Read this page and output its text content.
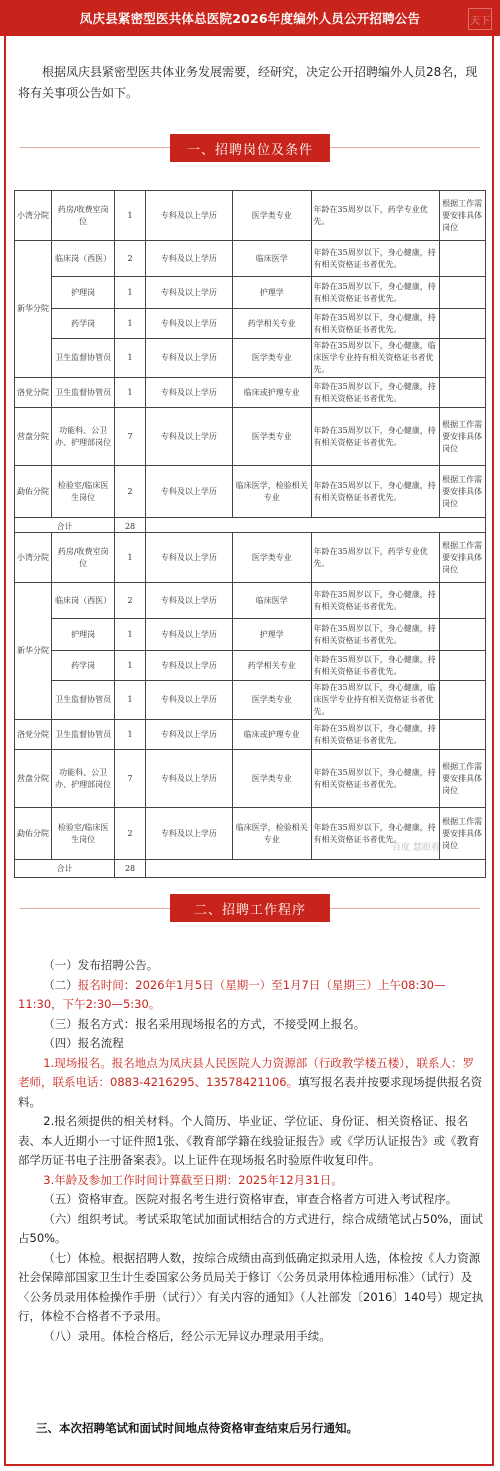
凤庆县紧密型医共体总医院2026年度编外人员公开招聘公告	天下
根据凤庆县紧密型医共体业务发展需要，经研究，决定公开招聘编外人员28名，现将有关事项公告如下。
一、招聘岗位及条件
小湾分院	药房/收费室岗位	1	专科及以上学历	医学类专业	年龄在35周岁以下，药学专业优先。	根据工作需要安排具体岗位
新华分院	临床岗（西医）	2	专科及以上学历	临床医学	年龄在35周岁以下，身心健康，持有相关资格证书者优先。	
	护理岗	1	专科及以上学历	护理学	年龄在35周岁以下，身心健康，持有相关资格证书者优先。	
	药学岗	1	专科及以上学历	药学相关专业	年龄在35周岁以下，身心健康，持有相关资格证书者优先。	
	卫生监督协管员	1	专科及以上学历	医学类专业	年龄在35周岁以下，身心健康，临床医学专业持有相关资格证书者优先。	
洛党分院	卫生监督协管员	1	专科及以上学历	临床或护理专业	年龄在35周岁以下，身心健康，持有相关资格证书者优先。	
营盘分院	功能科、公卫办、护理部岗位	7	专科及以上学历	医学类专业	年龄在35周岁以下，身心健康，持有相关资格证书者优先。	根据工作需要安排具体岗位
勐佑分院	检验室/临床医生岗位	2	专科及以上学历	临床医学，检验相关专业	年龄在35周岁以下，身心健康，持有相关资格证书者优先。	根据工作需要安排具体岗位
合计		28				
小湾分院	药房/收费室岗位	1	专科及以上学历	医学类专业	年龄在35周岁以下，药学专业优先。	根据工作需要安排具体岗位
新华分院	临床岗（西医）	2	专科及以上学历	临床医学	年龄在35周岁以下，身心健康，持有相关资格证书者优先。	
	护理岗	1	专科及以上学历	护理学	年龄在35周岁以下，身心健康，持有相关资格证书者优先。	
	药学岗	1	专科及以上学历	药学相关专业	年龄在35周岁以下，身心健康，持有相关资格证书者优先。	
	卫生监督协管员	1	专科及以上学历	医学类专业	年龄在35周岁以下，身心健康，临床医学专业持有相关资格证书者优先。	
洛党分院	卫生监督协管员	1	专科及以上学历	临床或护理专业	年龄在35周岁以下，身心健康，持有相关资格证书者优先。	
营盘分院	功能科、公卫办、护理部岗位	7	专科及以上学历	医学类专业	年龄在35周岁以下，身心健康，持有相关资格证书者优先。	根据工作需要安排具体岗位
勐佑分院	检验室/临床医生岗位	2	专科及以上学历	临床医学，检验相关专业	年龄在35周岁以下，身心健康，持有相关资格证书者优先。	根据工作需要安排具体岗位
合计		28				
百度 慧眼看
二、招聘工作程序

（一）发布招聘公告。

（二）报名时间：2026年1月5日（星期一）至1月7日（星期三）上午08:30—11:30，下午2:30—5:30。

（三）报名方式：报名采用现场报名的方式，不接受网上报名。

（四）报名流程

1.现场报名。报名地点为凤庆县人民医院人力资源部（行政教学楼五楼），联系人：罗老师，联系电话：0883-4216295、13578421106。填写报名表并按要求现场提供报名资料。

2.报名须提供的相关材料。个人简历、毕业证、学位证、身份证、相关资格证、报名表、本人近期小一寸证件照1张、《教育部学籍在线验证报告》或《学历认证报告》或《教育部学历证书电子注册备案表》。以上证件在现场报名时验原件收复印件。

3.年龄及参加工作时间计算截至日期：2025年12月31日。

（五）资格审查。医院对报名考生进行资格审查，审查合格者方可进入考试程序。

（六）组织考试。考试采取笔试加面试相结合的方式进行，综合成绩笔试占50%，面试占50%。

（七）体检。根据招聘人数，按综合成绩由高到低确定拟录用人选，体检按《人力资源社会保障部国家卫生计生委国家公务员局关于修订〈公务员录用体检通用标准〉（试行）及〈公务员录用体检操作手册（试行）〉有关内容的通知》（人社部发〔2016〕140号）规定执行，体检不合格者不予录用。

（八）录用。体检合格后，经公示无异议办理录用手续。

三、本次招聘笔试和面试时间地点待资格审查结束后另行通知。
